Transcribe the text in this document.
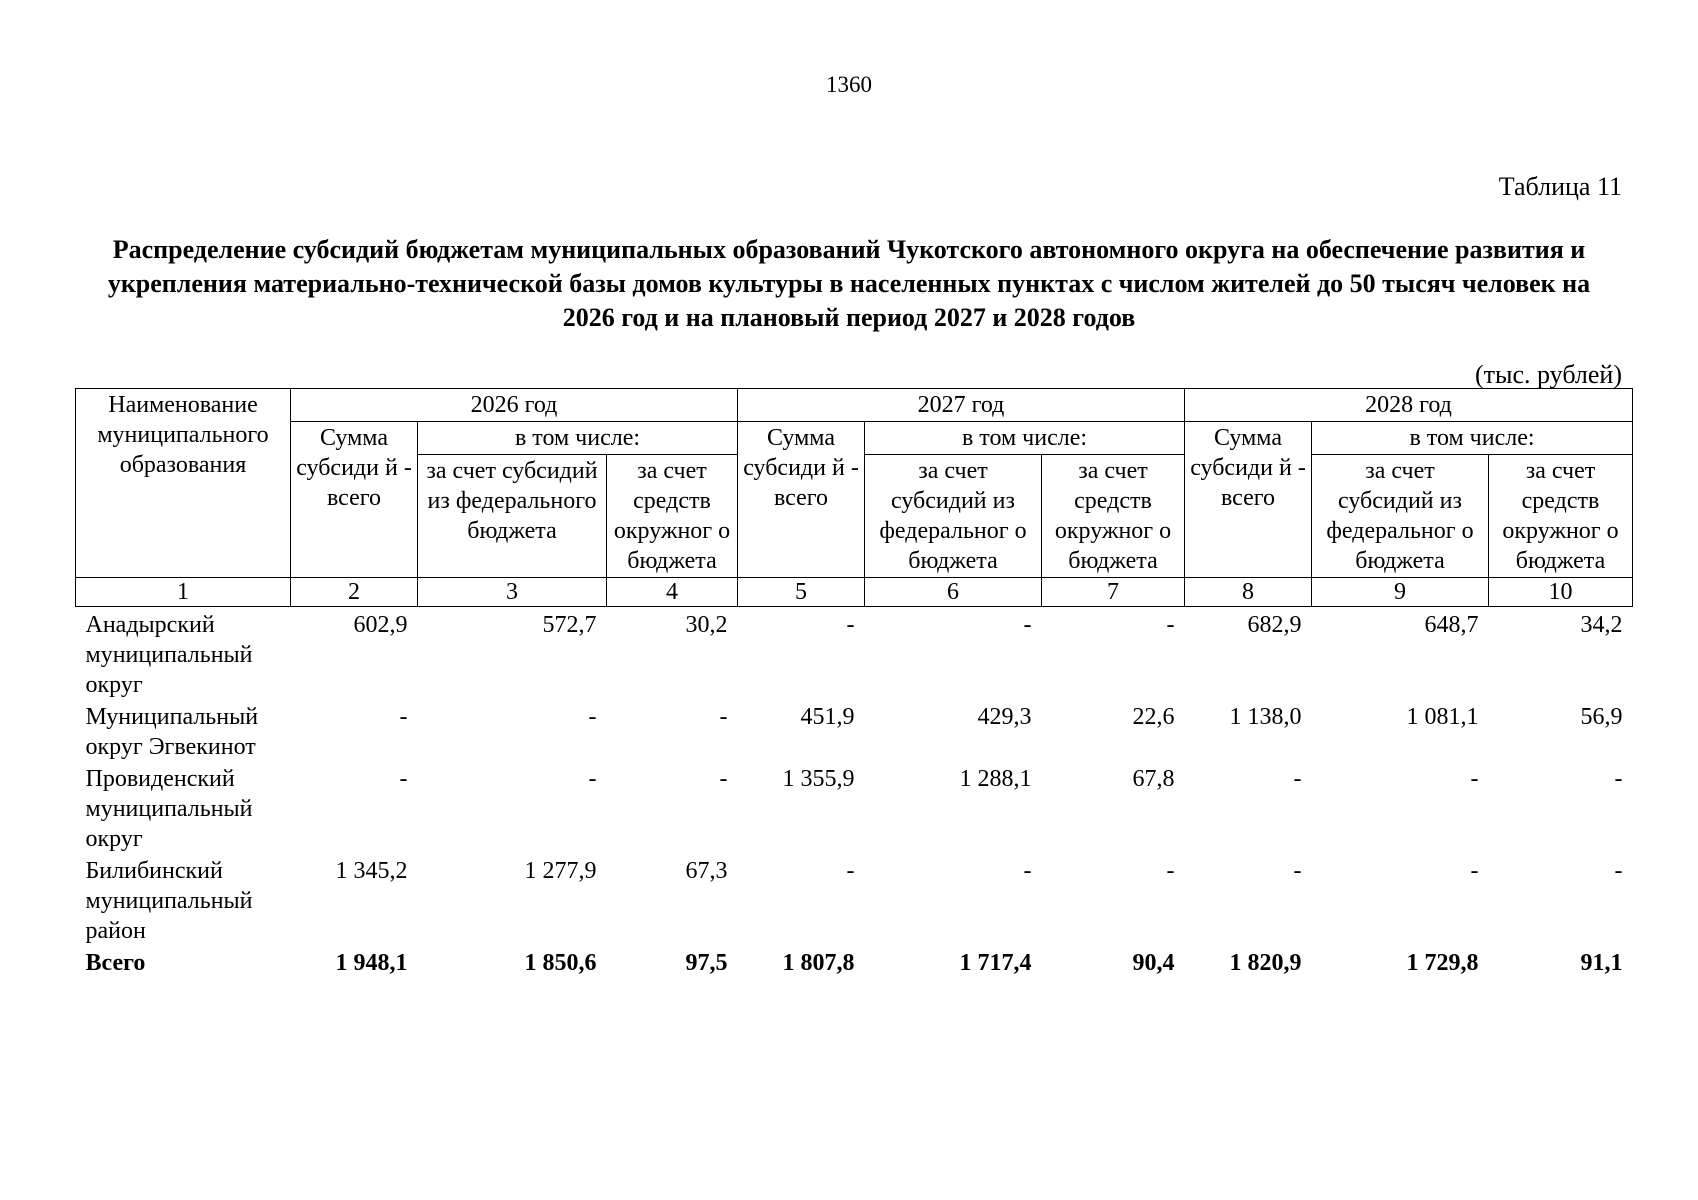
1360
Таблица 11
Распределение субсидий бюджетам муниципальных образований Чукотского автономного округа на обеспечение развития и укрепления материально-технической базы домов культуры в населенных пунктах с числом жителей до 50 тысяч человек на 2026 год и на плановый период 2027 и 2028 годов
(тыс. рублей)
Наименование муниципального образования	2026 год			2027 год			2028 год		
	Сумма субсиди й - всего	в том числе:		Сумма субсиди й - всего	в том числе:		Сумма субсиди й - всего	в том числе:	
		за счет субсидий из федерального бюджета	за счет средств окружног о бюджета		за счет субсидий из федеральног о бюджета	за счет средств окружног о бюджета		за счет субсидий из федеральног о бюджета	за счет средств окружног о бюджета
1	2	3	4	5	6	7	8	9	10
Анадырский муниципальный округ	602,9	572,7	30,2	-	-	-	682,9	648,7	34,2
Муниципальный округ Эгвекинот	-	-	-	451,9	429,3	22,6	1 138,0	1 081,1	56,9
Провиденский муниципальный округ	-	-	-	1 355,9	1 288,1	67,8	-	-	-
Билибинский муниципальный район	1 345,2	1 277,9	67,3	-	-	-	-	-	-
Всего	1 948,1	1 850,6	97,5	1 807,8	1 717,4	90,4	1 820,9	1 729,8	91,1
